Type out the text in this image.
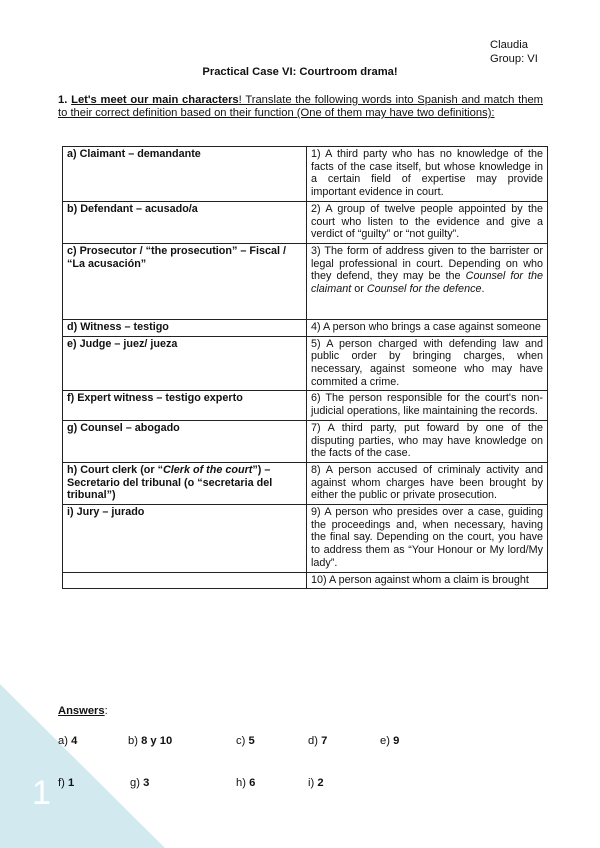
1
Claudia
Group: VI
Practical Case VI: Courtroom drama!
1. Let's meet our main characters! Translate the following words into Spanish and match them to their correct definition based on their function (One of them may have two definitions):
a) Claimant – demandante	1) A third party who has no knowledge of the facts of the case itself, but whose knowledge in a certain field of expertise may provide important evidence in court.
b) Defendant – acusado/a	2) A group of twelve people appointed by the court who listen to the evidence and give a verdict of “guilty” or “not guilty”.
c) Prosecutor / “the prosecution” – Fiscal / “La acusación”	3) The form of address given to the barrister or legal professional in court. Depending on who they defend, they may be the Counsel for the claimant or Counsel for the defence.
d) Witness – testigo	4) A person who brings a case against someone
e) Judge – juez/ jueza	5) A person charged with defending law and public order by bringing charges, when necessary, against someone who may have commited a crime.
f) Expert witness – testigo experto	6) The person responsible for the court's non-judicial operations, like maintaining the records.
g) Counsel – abogado	7) A third party, put foward by one of the disputing parties, who may have knowledge on the facts of the case.
h) Court clerk (or “Clerk of the court”) – Secretario del tribunal (o “secretaria del tribunal”)	8) A person accused of criminaly activity and against whom charges have been brought by either the public or private prosecution.
i) Jury – jurado	9) A person who presides over a case, guiding the proceedings and, when necessary, having the final say. Depending on the court, you have to address them as “Your Honour or My lord/My lady”.
	10) A person against whom a claim is brought
Answers:
a) 4	b) 8 y 10	c) 5	d) 7	e) 9
f) 1	g) 3	h) 6	i) 2
